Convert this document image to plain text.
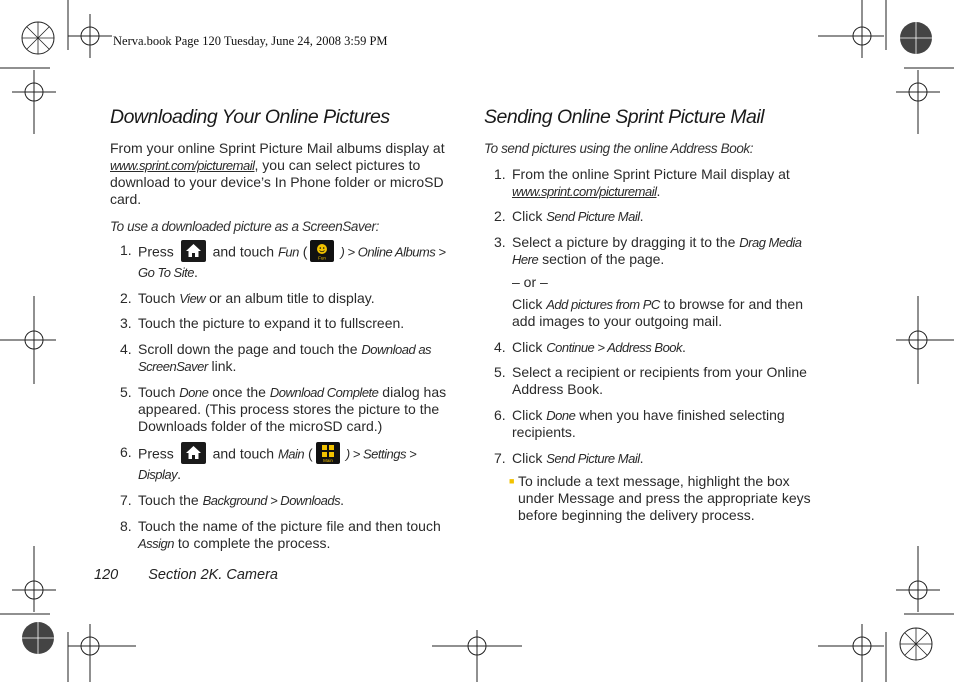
Nerva.book Page 120 Tuesday, June 24, 2008 3:59 PM
Downloading Your Online Pictures

From your online Sprint Picture Mail albums display at www.sprint.com/picturemail, you can select pictures to download to your device’s In Phone folder or microSD card.

To use a downloaded picture as a ScreenSaver:

1. Press
and touch Fun ( Fun ) > Online Albums > Go To Site.
2. Touch View or an album title to display.
3. Touch the picture to expand it to fullscreen.
4. Scroll down the page and touch the Download as ScreenSaver link.
5. Touch Done once the Download Complete dialog has appeared. (This process stores the picture to the Downloads folder of the microSD card.)
6. Press
and touch Main ( Main ) > Settings > Display.
7. Touch the Background > Downloads.
8. Touch the name of the picture file and then touch Assign to complete the process.
Sending Online Sprint Picture Mail

To send pictures using the online Address Book:

1. From the online Sprint Picture Mail display at www.sprint.com/picturemail.
2. Click Send Picture Mail.
3. Select a picture by dragging it to the Drag Media Here section of the page.
– or –
Click Add pictures from PC to browse for and then add images to your outgoing mail.
4. Click Continue > Address Book.
5. Select a recipient or recipients from your Online Address Book.
6. Click Done when you have finished selecting recipients.
7. Click Send Picture Mail.
■ To include a text message, highlight the box under Message and press the appropriate keys before beginning the delivery process.
120 Section 2K. Camera
